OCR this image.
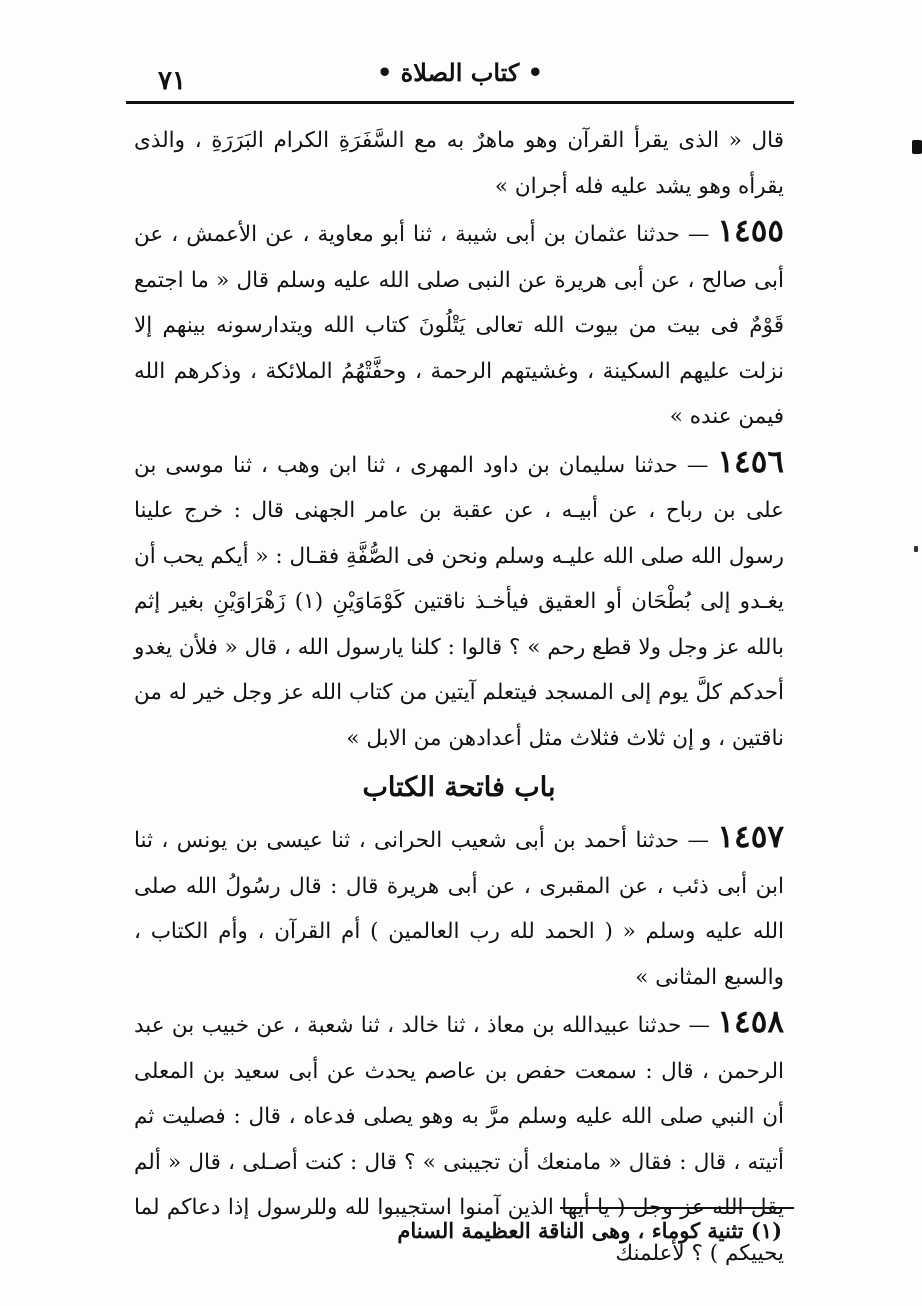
٧١	• كتاب الصلاة •

قال « الذى يقرأ القرآن وهو ماهرٌ به مع السَّفَرَةِ الكرام البَرَرَةِ ، والذى يقرأه وهو يشد عليه فله أجران »

١٤٥٥ — حدثنا عثمان بن أبى شيبة ، ثنا أبو معاوية ، عن الأعمش ، عن أبى صالح ، عن أبى هريرة عن النبى صلى الله عليه وسلم قال « ما اجتمع قَوْمٌ فى بيت من بيوت الله تعالى يَتْلُونَ كتاب الله ويتدارسونه بينهم إلا نزلت عليهم السكينة ، وغشيتهم الرحمة ، وحفَّتْهُمُ الملائكة ، وذكرهم الله فيمن عنده »

١٤٥٦ — حدثنا سليمان بن داود المهرى ، ثنا ابن وهب ، ثنا موسى بن على بن رباح ، عن أبيـه ، عن عقبة بن عامر الجهنى قال : خرج علينا رسول الله صلى الله عليـه وسلم ونحن فى الصُّفَّةِ فقـال : « أيكم يحب أن يغـدو إلى بُطْحَان أو العقيق فيأخـذ ناقتين كَوْمَاوَيْنِ (١) زَهْرَاوَيْنِ بغير إثم بالله عز وجل ولا قطع رحم » ؟ قالوا : كلنا يارسول الله ، قال « فلأن يغدو أحدكم كلَّ يوم إلى المسجد فيتعلم آيتين من كتاب الله عز وجل خير له من ناقتين ، و إن ثلاث فثلاث مثل أعدادهن من الابل »

باب فاتحة الكتاب

١٤٥٧ — حدثنا أحمد بن أبى شعيب الحرانى ، ثنا عيسى بن يونس ، ثنا ابن أبى ذئب ، عن المقبرى ، عن أبى هريرة قال : قال رسُولُ الله صلى الله عليه وسلم « ( الحمد لله رب العالمين ) أم القرآن ، وأم الكتاب ، والسبع المثانى »

١٤٥٨ — حدثنا عبيدالله بن معاذ ، ثنا خالد ، ثنا شعبة ، عن خبيب بن عبد الرحمن ، قال : سمعت حفص بن عاصم يحدث عن أبى سعيد بن المعلى أن النبي صلى الله عليه وسلم مرَّ به وهو يصلى فدعاه ، قال : فصليت ثم أتيته ، قال : فقال « مامنعك أن تجيبنى » ؟ قال : كنت أصـلى ، قال « ألم يقل الله عز وجل ( يا أيها الذين آمنوا استجيبوا لله وللرسول إذا دعاكم لما يحييكم ) ؟ لأعلمنك

(١) تثنية كوماء ، وهى الناقة العظيمة السنام
